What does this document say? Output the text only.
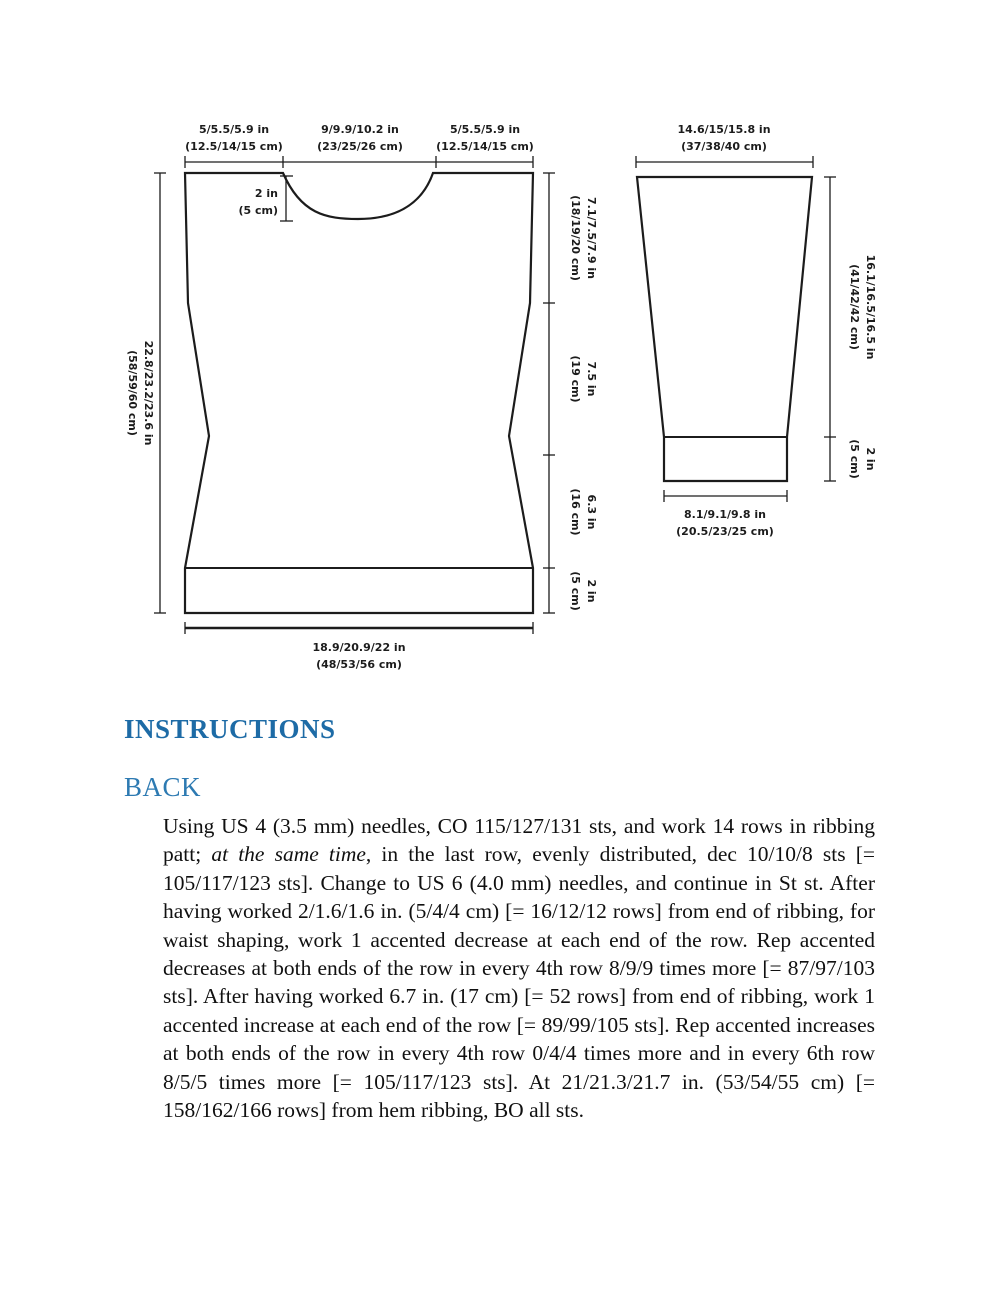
5/5.5/5.9 in
(12.5/14/15 cm)
9/9.9/10.2 in
(23/25/26 cm)
5/5.5/5.9 in
(12.5/14/15 cm)
2 in
(5 cm)
22.8/23.2/23.6 in
(58/59/60 cm)
7.1/7.5/7.9 in
(18/19/20 cm)
7.5 in
(19 cm)
6.3 in
(16 cm)
2 in
(5 cm)
18.9/20.9/22 in
(48/53/56 cm)
14.6/15/15.8 in
(37/38/40 cm)
16.1/16.5/16.5 in
(41/42/42 cm)
2 in
(5 cm)
8.1/9.1/9.8 in
(20.5/23/25 cm)
INSTRUCTIONS
BACK

Using US 4 (3.5 mm) needles, CO 115/127/131 sts, and work 14 rows in ribbing patt; at the same time, in the last row, evenly distributed, dec 10/10/8 sts [= 105/117/123 sts]. Change to US 6 (4.0 mm) needles, and continue in St st. After having worked 2/1.6/1.6 in. (5/4/4 cm) [= 16/12/12 rows] from end of ribbing, for waist shaping, work 1 accented decrease at each end of the row. Rep accented decreases at both ends of the row in every 4th row 8/9/9 times more [= 87/97/103 sts]. After having worked 6.7 in. (17 cm) [= 52 rows] from end of ribbing, work 1 accented increase at each end of the row [= 89/99/105 sts]. Rep accented increases at both ends of the row in every 4th row 0/4/4 times more and in every 6th row 8/5/5 times more [= 105/117/123 sts]. At 21/21.3/21.7 in. (53/54/55 cm) [= 158/162/166 rows] from hem ribbing, BO all sts.
